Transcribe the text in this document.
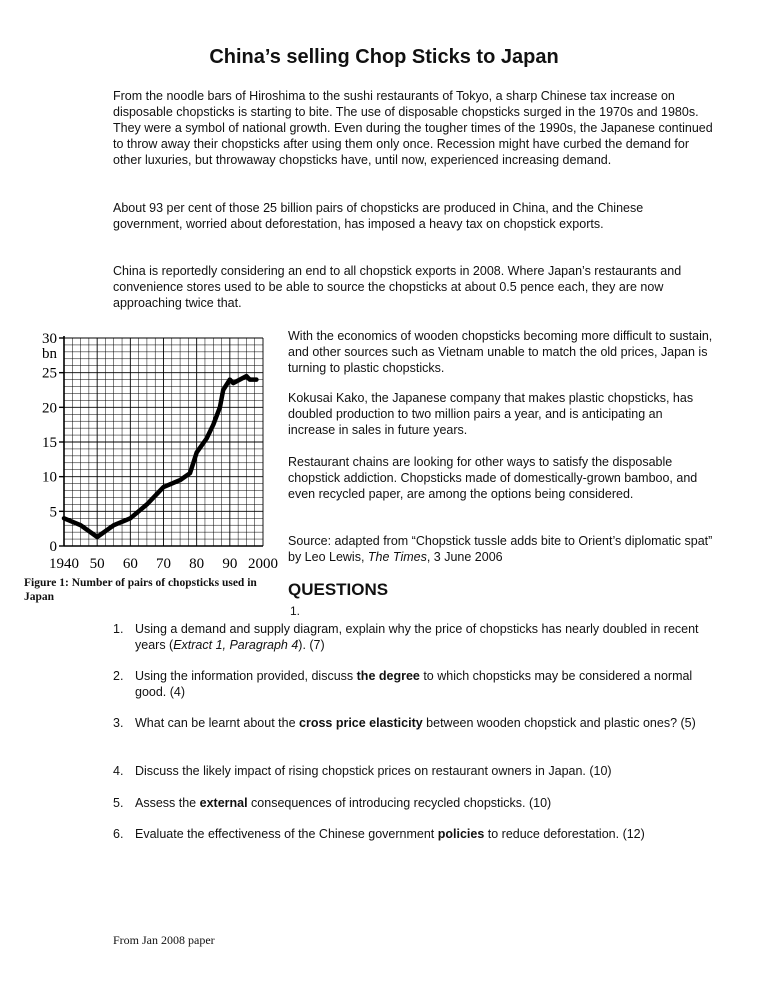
China’s selling Chop Sticks to Japan

From the noodle bars of Hiroshima to the sushi restaurants of Tokyo, a sharp Chinese tax increase on disposable chopsticks is starting to bite. The use of disposable chopsticks surged in the 1970s and 1980s. They were a symbol of national growth. Even during the tougher times of the 1990s, the Japanese continued to throw away their chopsticks after using them only once. Recession might have curbed the demand for other luxuries, but throwaway chopsticks have, until now, experienced increasing demand.

About 93 per cent of those 25 billion pairs of chopsticks are produced in China, and the Chinese government, worried about deforestation, has imposed a heavy tax on chopstick exports.

China is reportedly considering an end to all chopstick exports in 2008. Where Japan’s restaurants and convenience stores used to be able to source the chopsticks at about 0.5 pence each, they are now approaching twice that.

0
5
10
15
20
25
30
bn
1940 50 60 70 80 90 2000

Figure 1: Number of pairs of chopsticks used in Japan

With the economics of wooden chopsticks becoming more difficult to sustain, and other sources such as Vietnam unable to match the old prices, Japan is turning to plastic chopsticks.

Kokusai Kako, the Japanese company that makes plastic chopsticks, has doubled production to two million pairs a year, and is anticipating an increase in sales in future years.

Restaurant chains are looking for other ways to satisfy the disposable chopstick addiction. Chopsticks made of domestically-grown bamboo, and even recycled paper, are among the options being considered.

Source: adapted from “Chopstick tussle adds bite to Orient’s diplomatic spat” by Leo Lewis, The Times, 3 June 2006

QUESTIONS
1.
1. Using a demand and supply diagram, explain why the price of chopsticks has nearly doubled in recent years (Extract 1, Paragraph 4). (7)
2. Using the information provided, discuss the degree to which chopsticks may be considered a normal good. (4)
3. What can be learnt about the cross price elasticity between wooden chopstick and plastic ones? (5)
4. Discuss the likely impact of rising chopstick prices on restaurant owners in Japan. (10)
5. Assess the external consequences of introducing recycled chopsticks. (10)
6. Evaluate the effectiveness of the Chinese government policies to reduce deforestation. (12)
From Jan 2008 paper
